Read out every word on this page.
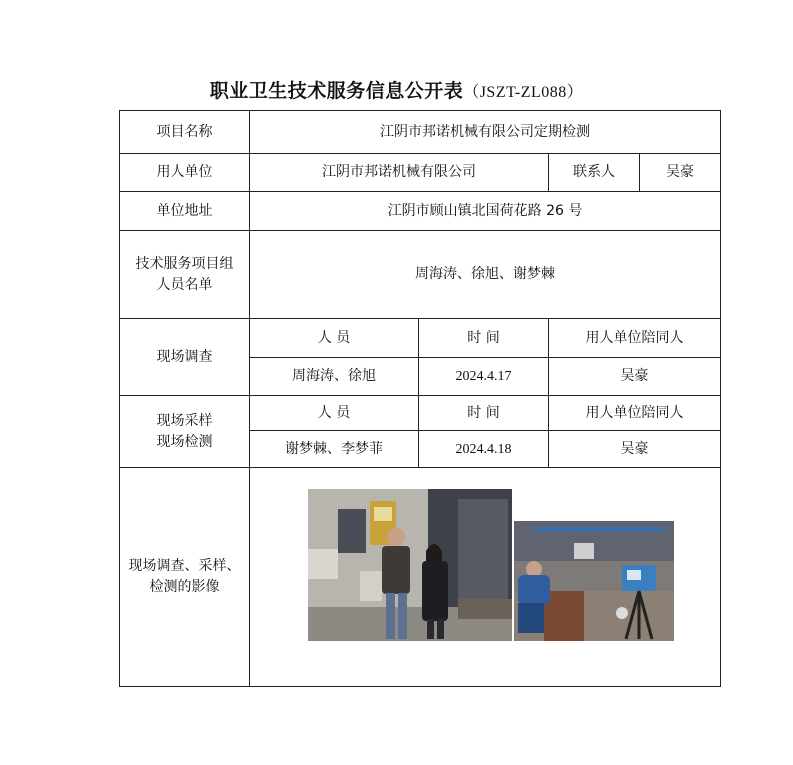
职业卫生技术服务信息公开表（JSZT-ZL088）
项目名称	江阴市邦诺机械有限公司定期检测			
用人单位	江阴市邦诺机械有限公司		联系人	吴豪
单位地址	江阴市顾山镇北国荷花路 26 号			
技术服务项目组
人员名单	周海涛、徐旭、谢梦棘			
现场调查	人 员	时 间	用人单位陪同人	
	周海涛、徐旭	2024.4.17	吴豪	
现场采样
现场检测	人 员	时 间	用人单位陪同人	
	谢梦棘、李梦菲	2024.4.18	吴豪	
现场调查、采样、
检测的影像	
